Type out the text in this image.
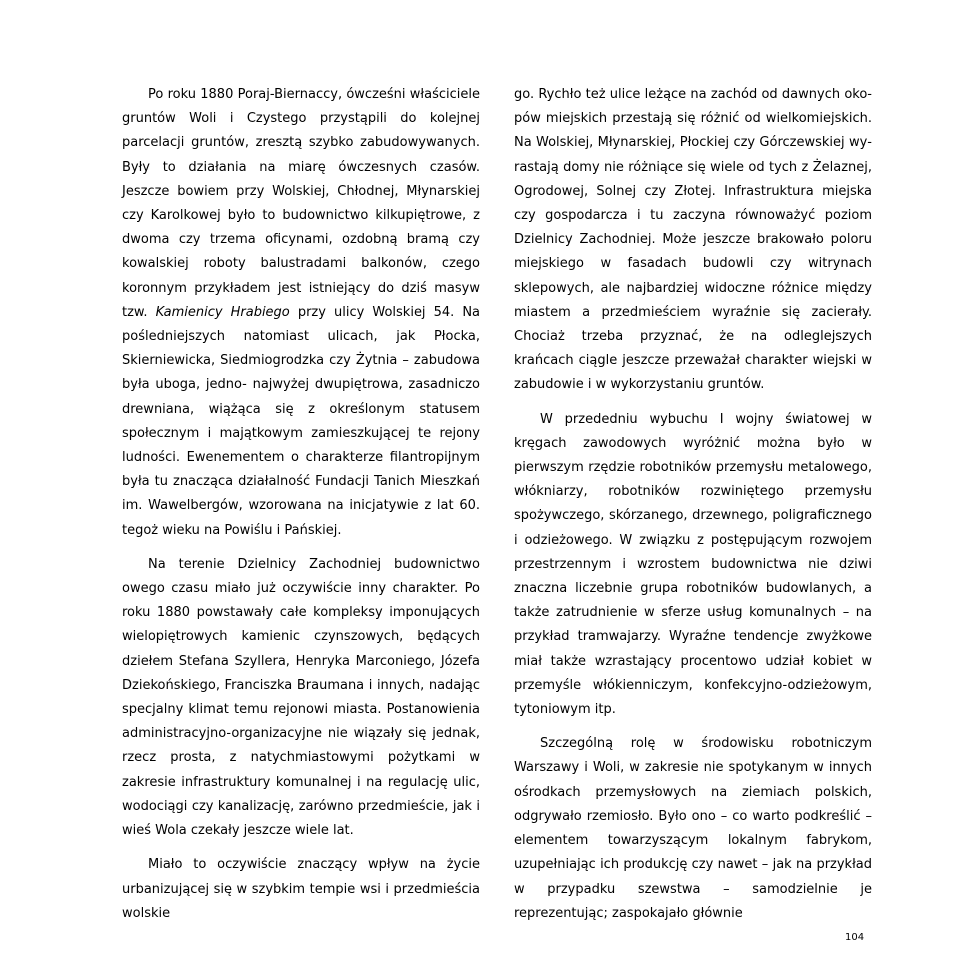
Po roku 1880 Poraj-Biernaccy, ówcześni właściciele gruntów Woli i Czystego przystąpili do kolejnej parcelacji gruntów, zresztą szybko zabudowywanych. Były to działania na miarę ówczesnych czasów. Jeszcze bowiem przy Wolskiej, Chłodnej, Młynarskiej czy Karolkowej było to budownictwo kilkupiętrowe, z dwoma czy trzema oficynami, ozdobną bramą czy kowalskiej roboty balustradami balkonów, czego koronnym przykładem jest istniejący do dziś masyw tzw. Kamienicy Hrabiego przy ulicy Wolskiej 54. Na pośledniejszych natomiast ulicach, jak Płocka, Skierniewicka, Siedmiogrodzka czy Żytnia – zabudowa była uboga, jedno- najwyżej dwupiętrowa, zasadniczo drewniana, wiążąca się z określonym statusem społecznym i majątkowym zamieszkującej te rejony ludności. Ewenementem o charakterze filantropijnym była tu znacząca działalność Fundacji Tanich Mieszkań im. Wawelbergów, wzorowana na inicjatywie z lat 60. tegoż wieku na Powiślu i Pańskiej.

Na terenie Dzielnicy Zachodniej budownictwo owego czasu miało już oczywiście inny charakter. Po roku 1880 powstawały całe kompleksy imponujących wielopiętrowych kamienic czynszowych, będących dziełem Stefana Szyllera, Henryka Marconiego, Józefa Dziekońskiego, Franciszka Braumana i innych, nadając specjalny klimat temu rejonowi miasta. Postanowienia administracyjno-organizacyjne nie wiązały się jednak, rzecz prosta, z natychmiastowymi pożytkami w zakresie infrastruktury komunalnej i na regulację ulic, wodociągi czy kanalizację, zarówno przedmieście, jak i wieś Wola czekały jeszcze wiele lat.

Miało to oczywiście znaczący wpływ na życie urbanizującej się w szybkim tempie wsi i przedmieścia wolskie

go. Rychło też ulice leżące na zachód od dawnych okopów miejskich przestają się różnić od wielkomiejskich. Na Wolskiej, Młynarskiej, Płockiej czy Górczewskiej wyrastają domy nie różniące się wiele od tych z Żelaznej, Ogrodowej, Solnej czy Złotej. Infrastruktura miejska czy gospodarcza i tu zaczyna równoważyć poziom Dzielnicy Zachodniej. Może jeszcze brakowało poloru miejskiego w fasadach budowli czy witrynach sklepowych, ale najbardziej widoczne różnice między miastem a przedmieściem wyraźnie się zacierały. Chociaż trzeba przyznać, że na odleglejszych krańcach ciągle jeszcze przeważał charakter wiejski w zabudowie i w wykorzystaniu gruntów.

W przededniu wybuchu I wojny światowej w kręgach zawodowych wyróżnić można było w pierwszym rzędzie robotników przemysłu metalowego, włókniarzy, robotników rozwiniętego przemysłu spożywczego, skórzanego, drzewnego, poligraficznego i odzieżowego. W związku z postępującym rozwojem przestrzennym i wzrostem budownictwa nie dziwi znaczna liczebnie grupa robotników budowlanych, a także zatrudnienie w sferze usług komunalnych – na przykład tramwajarzy. Wyraźne tendencje zwyżkowe miał także wzrastający procentowo udział kobiet w przemyśle włókienniczym, konfekcyjno-odzieżowym, tytoniowym itp.

Szczególną rolę w środowisku robotniczym Warszawy i Woli, w zakresie nie spotykanym w innych ośrodkach przemysłowych na ziemiach polskich, odgrywało rzemiosło. Było ono – co warto podkreślić – elementem towarzyszącym lokalnym fabrykom, uzupełniając ich produkcję czy nawet – jak na przykład w przypadku szewstwa – samodzielnie je reprezentując; zaspokajało głównie

104
